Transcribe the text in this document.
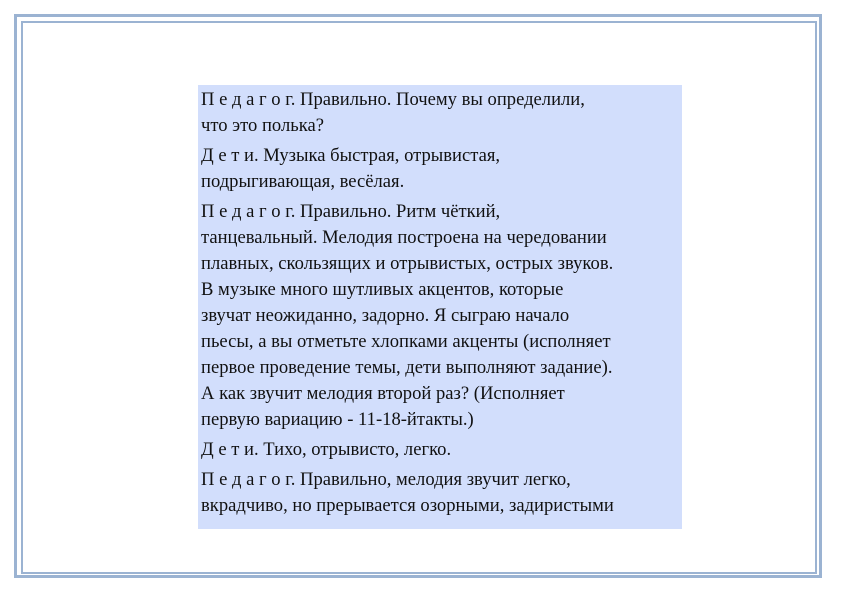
П е д а г о г. Правильно. Почему вы определили,
что это полька?

Д е т и. Музыка быстрая, отрывистая,
подрыгивающая, весёлая.

П е д а г о г. Правильно. Ритм чёткий,
танцевальный. Мелодия построена на чередовании
плавных, скользящих и отрывистых, острых звуков.
В музыке много шутливых акцентов, которые
звучат неожиданно, задорно. Я сыграю начало
пьесы, а вы отметьте хлопками акценты (исполняет
первое проведение темы, дети выполняют задание).
А как звучит мелодия второй раз? (Исполняет
первую вариацию - 11-18-йтакты.)

Д е т и. Тихо, отрывисто, легко.

П е д а г о г. Правильно, мелодия звучит легко,
вкрадчиво, но прерывается озорными, задиристыми
